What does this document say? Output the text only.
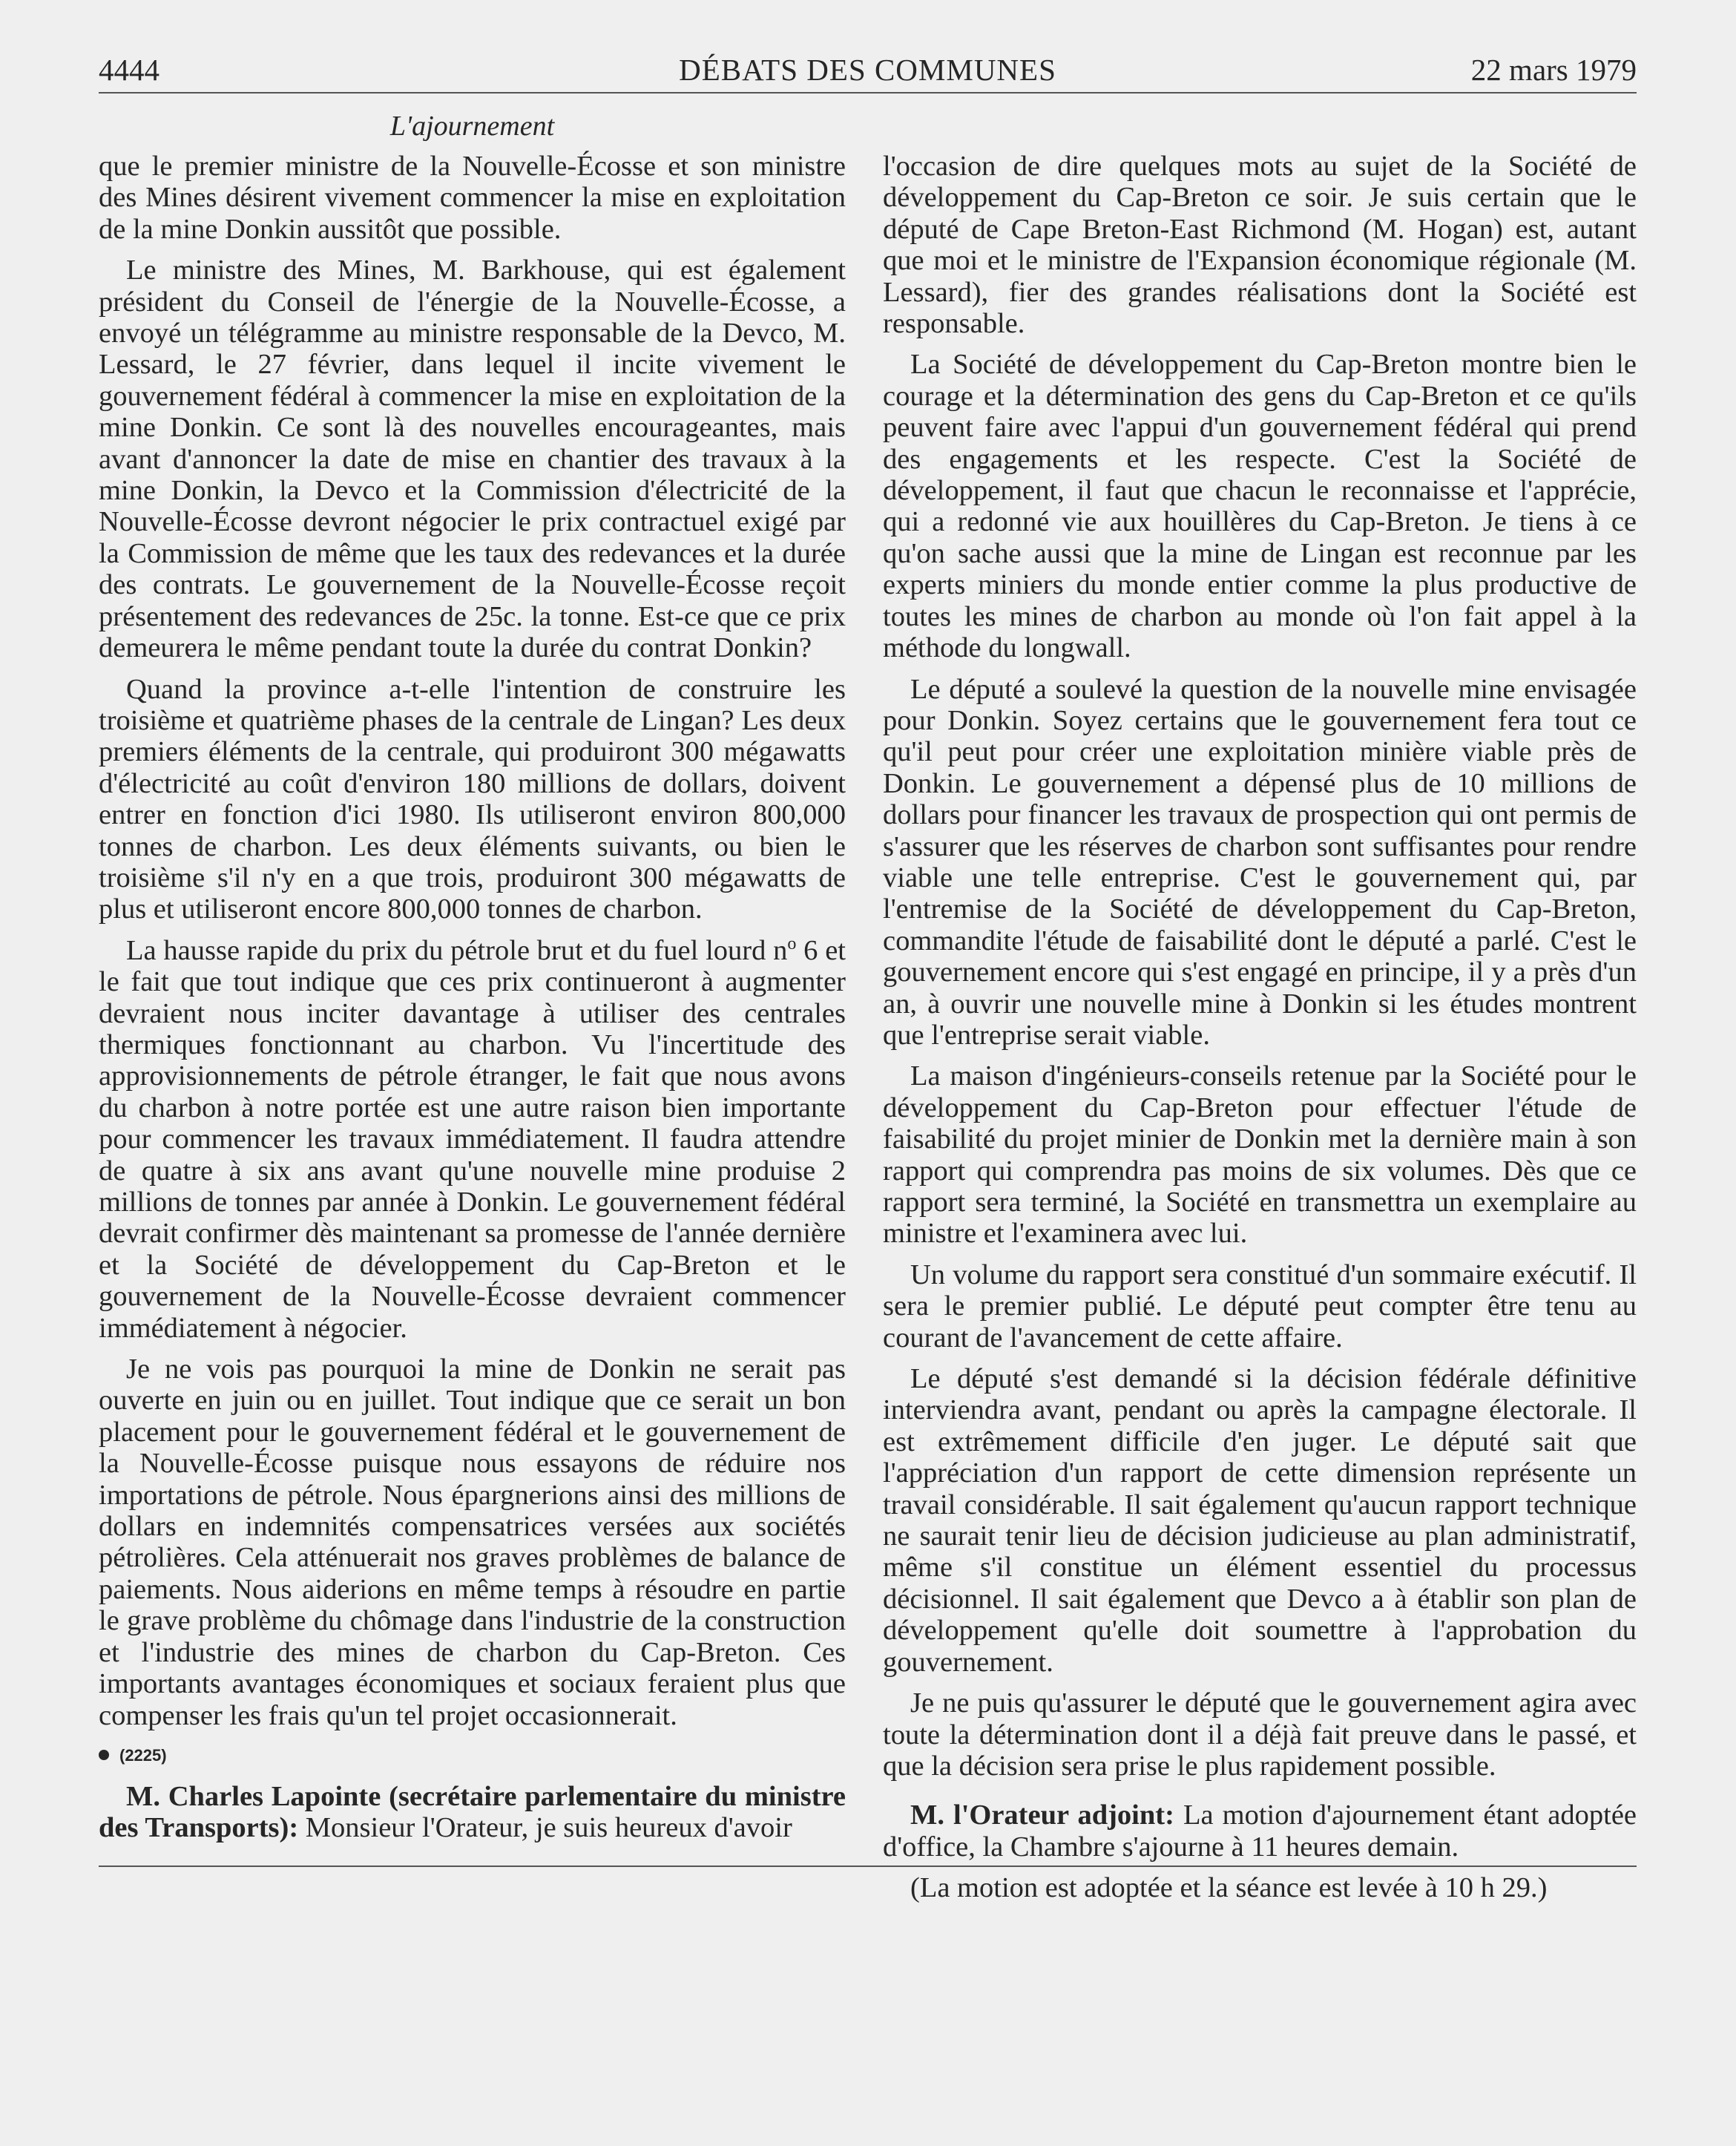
4444	DÉBATS DES COMMUNES	22 mars 1979
L'ajournement

que le premier ministre de la Nouvelle-Écosse et son ministre des Mines désirent vivement commencer la mise en exploitation de la mine Donkin aussitôt que possible.

Le ministre des Mines, M. Barkhouse, qui est également président du Conseil de l'énergie de la Nouvelle-Écosse, a envoyé un télégramme au ministre responsable de la Devco, M. Lessard, le 27 février, dans lequel il incite vivement le gouvernement fédéral à commencer la mise en exploitation de la mine Donkin. Ce sont là des nouvelles encourageantes, mais avant d'annoncer la date de mise en chantier des travaux à la mine Donkin, la Devco et la Commission d'électricité de la Nouvelle-Écosse devront négocier le prix contractuel exigé par la Commission de même que les taux des redevances et la durée des contrats. Le gouvernement de la Nouvelle-Écosse reçoit présentement des redevances de 25c. la tonne. Est-ce que ce prix demeurera le même pendant toute la durée du contrat Donkin?

Quand la province a-t-elle l'intention de construire les troisième et quatrième phases de la centrale de Lingan? Les deux premiers éléments de la centrale, qui produiront 300 mégawatts d'électricité au coût d'environ 180 millions de dollars, doivent entrer en fonction d'ici 1980. Ils utiliseront environ 800,000 tonnes de charbon. Les deux éléments suivants, ou bien le troisième s'il n'y en a que trois, produiront 300 mégawatts de plus et utiliseront encore 800,000 tonnes de charbon.

La hausse rapide du prix du pétrole brut et du fuel lourd $n^o$ 6 et le fait que tout indique que ces prix continueront à augmenter devraient nous inciter davantage à utiliser des centrales thermiques fonctionnant au charbon. Vu l'incertitude des approvisionnements de pétrole étranger, le fait que nous avons du charbon à notre portée est une autre raison bien importante pour commencer les travaux immédiatement. Il faudra attendre de quatre à six ans avant qu'une nouvelle mine produise 2 millions de tonnes par année à Donkin. Le gouvernement fédéral devrait confirmer dès maintenant sa promesse de l'année dernière et la Société de développement du Cap-Breton et le gouvernement de la Nouvelle-Écosse devraient commencer immédiatement à négocier.

Je ne vois pas pourquoi la mine de Donkin ne serait pas ouverte en juin ou en juillet. Tout indique que ce serait un bon placement pour le gouvernement fédéral et le gouvernement de la Nouvelle-Écosse puisque nous essayons de réduire nos importations de pétrole. Nous épargnerions ainsi des millions de dollars en indemnités compensatrices versées aux sociétés pétrolières. Cela atténuerait nos graves problèmes de balance de paiements. Nous aiderions en même temps à résoudre en partie le grave problème du chômage dans l'industrie de la construction et l'industrie des mines de charbon du Cap-Breton. Ces importants avantages économiques et sociaux feraient plus que compenser les frais qu'un tel projet occasionnerait.

(2225)

M. Charles Lapointe (secrétaire parlementaire du ministre des Transports): Monsieur l'Orateur, je suis heureux d'avoir

l'occasion de dire quelques mots au sujet de la Société de développement du Cap-Breton ce soir. Je suis certain que le député de Cape Breton-East Richmond (M. Hogan) est, autant que moi et le ministre de l'Expansion économique régionale (M. Lessard), fier des grandes réalisations dont la Société est responsable.

La Société de développement du Cap-Breton montre bien le courage et la détermination des gens du Cap-Breton et ce qu'ils peuvent faire avec l'appui d'un gouvernement fédéral qui prend des engagements et les respecte. C'est la Société de développement, il faut que chacun le reconnaisse et l'apprécie, qui a redonné vie aux houillères du Cap-Breton. Je tiens à ce qu'on sache aussi que la mine de Lingan est reconnue par les experts miniers du monde entier comme la plus productive de toutes les mines de charbon au monde où l'on fait appel à la méthode du longwall.

Le député a soulevé la question de la nouvelle mine envisagée pour Donkin. Soyez certains que le gouvernement fera tout ce qu'il peut pour créer une exploitation minière viable près de Donkin. Le gouvernement a dépensé plus de 10 millions de dollars pour financer les travaux de prospection qui ont permis de s'assurer que les réserves de charbon sont suffisantes pour rendre viable une telle entreprise. C'est le gouvernement qui, par l'entremise de la Société de développement du Cap-Breton, commandite l'étude de faisabilité dont le député a parlé. C'est le gouvernement encore qui s'est engagé en principe, il y a près d'un an, à ouvrir une nouvelle mine à Donkin si les études montrent que l'entreprise serait viable.

La maison d'ingénieurs-conseils retenue par la Société pour le développement du Cap-Breton pour effectuer l'étude de faisabilité du projet minier de Donkin met la dernière main à son rapport qui comprendra pas moins de six volumes. Dès que ce rapport sera terminé, la Société en transmettra un exemplaire au ministre et l'examinera avec lui.

Un volume du rapport sera constitué d'un sommaire exécutif. Il sera le premier publié. Le député peut compter être tenu au courant de l'avancement de cette affaire.

Le député s'est demandé si la décision fédérale définitive interviendra avant, pendant ou après la campagne électorale. Il est extrêmement difficile d'en juger. Le député sait que l'appréciation d'un rapport de cette dimension représente un travail considérable. Il sait également qu'aucun rapport technique ne saurait tenir lieu de décision judicieuse au plan administratif, même s'il constitue un élément essentiel du processus décisionnel. Il sait également que Devco a à établir son plan de développement qu'elle doit soumettre à l'approbation du gouvernement.

Je ne puis qu'assurer le député que le gouvernement agira avec toute la détermination dont il a déjà fait preuve dans le passé, et que la décision sera prise le plus rapidement possible.

M. l'Orateur adjoint: La motion d'ajournement étant adoptée d'office, la Chambre s'ajourne à 11 heures demain.

(La motion est adoptée et la séance est levée à 10 h 29.)
